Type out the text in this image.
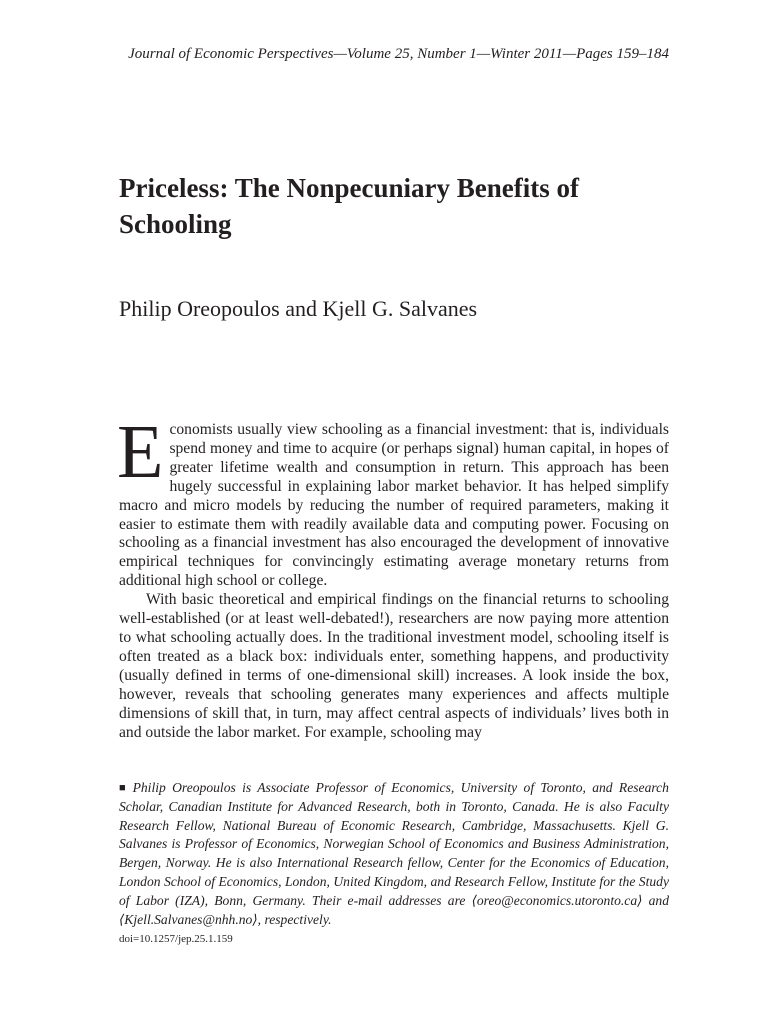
Journal of Economic Perspectives—Volume 25, Number 1—Winter 2011—Pages 159–184
Priceless: The Nonpecuniary Benefits of
Schooling
Philip Oreopoulos and Kjell G. Salvanes

Economists usually view schooling as a financial investment: that is, individuals spend money and time to acquire (or perhaps signal) human capital, in hopes of greater lifetime wealth and consumption in return. This approach has been hugely successful in explaining labor market behavior. It has helped simplify macro and micro models by reducing the number of required parameters, making it easier to estimate them with readily available data and computing power. Focusing on schooling as a financial investment has also encouraged the development of innovative empirical techniques for convincingly estimating average monetary returns from additional high school or college.

With basic theoretical and empirical findings on the financial returns to schooling well-established (or at least well-debated!), researchers are now paying more attention to what schooling actually does. In the traditional investment model, schooling itself is often treated as a black box: individuals enter, something happens, and productivity (usually defined in terms of one-dimensional skill) increases. A look inside the box, however, reveals that schooling generates many experiences and affects multiple dimensions of skill that, in turn, may affect central aspects of individuals’ lives both in and outside the labor market. For example, schooling may

■ Philip Oreopoulos is Associate Professor of Economics, University of Toronto, and Research Scholar, Canadian Institute for Advanced Research, both in Toronto, Canada. He is also Faculty Research Fellow, National Bureau of Economic Research, Cambridge, Massachusetts. Kjell G. Salvanes is Professor of Economics, Norwegian School of Economics and Business Administration, Bergen, Norway. He is also International Research fellow, Center for the Economics of Education, London School of Economics, London, United Kingdom, and Research Fellow, Institute for the Study of Labor (IZA), Bonn, Germany. Their e-mail addresses are ⟨oreo@economics.utoronto.ca⟩ and ⟨Kjell.Salvanes@nhh.no⟩, respectively.

doi=10.1257/jep.25.1.159
